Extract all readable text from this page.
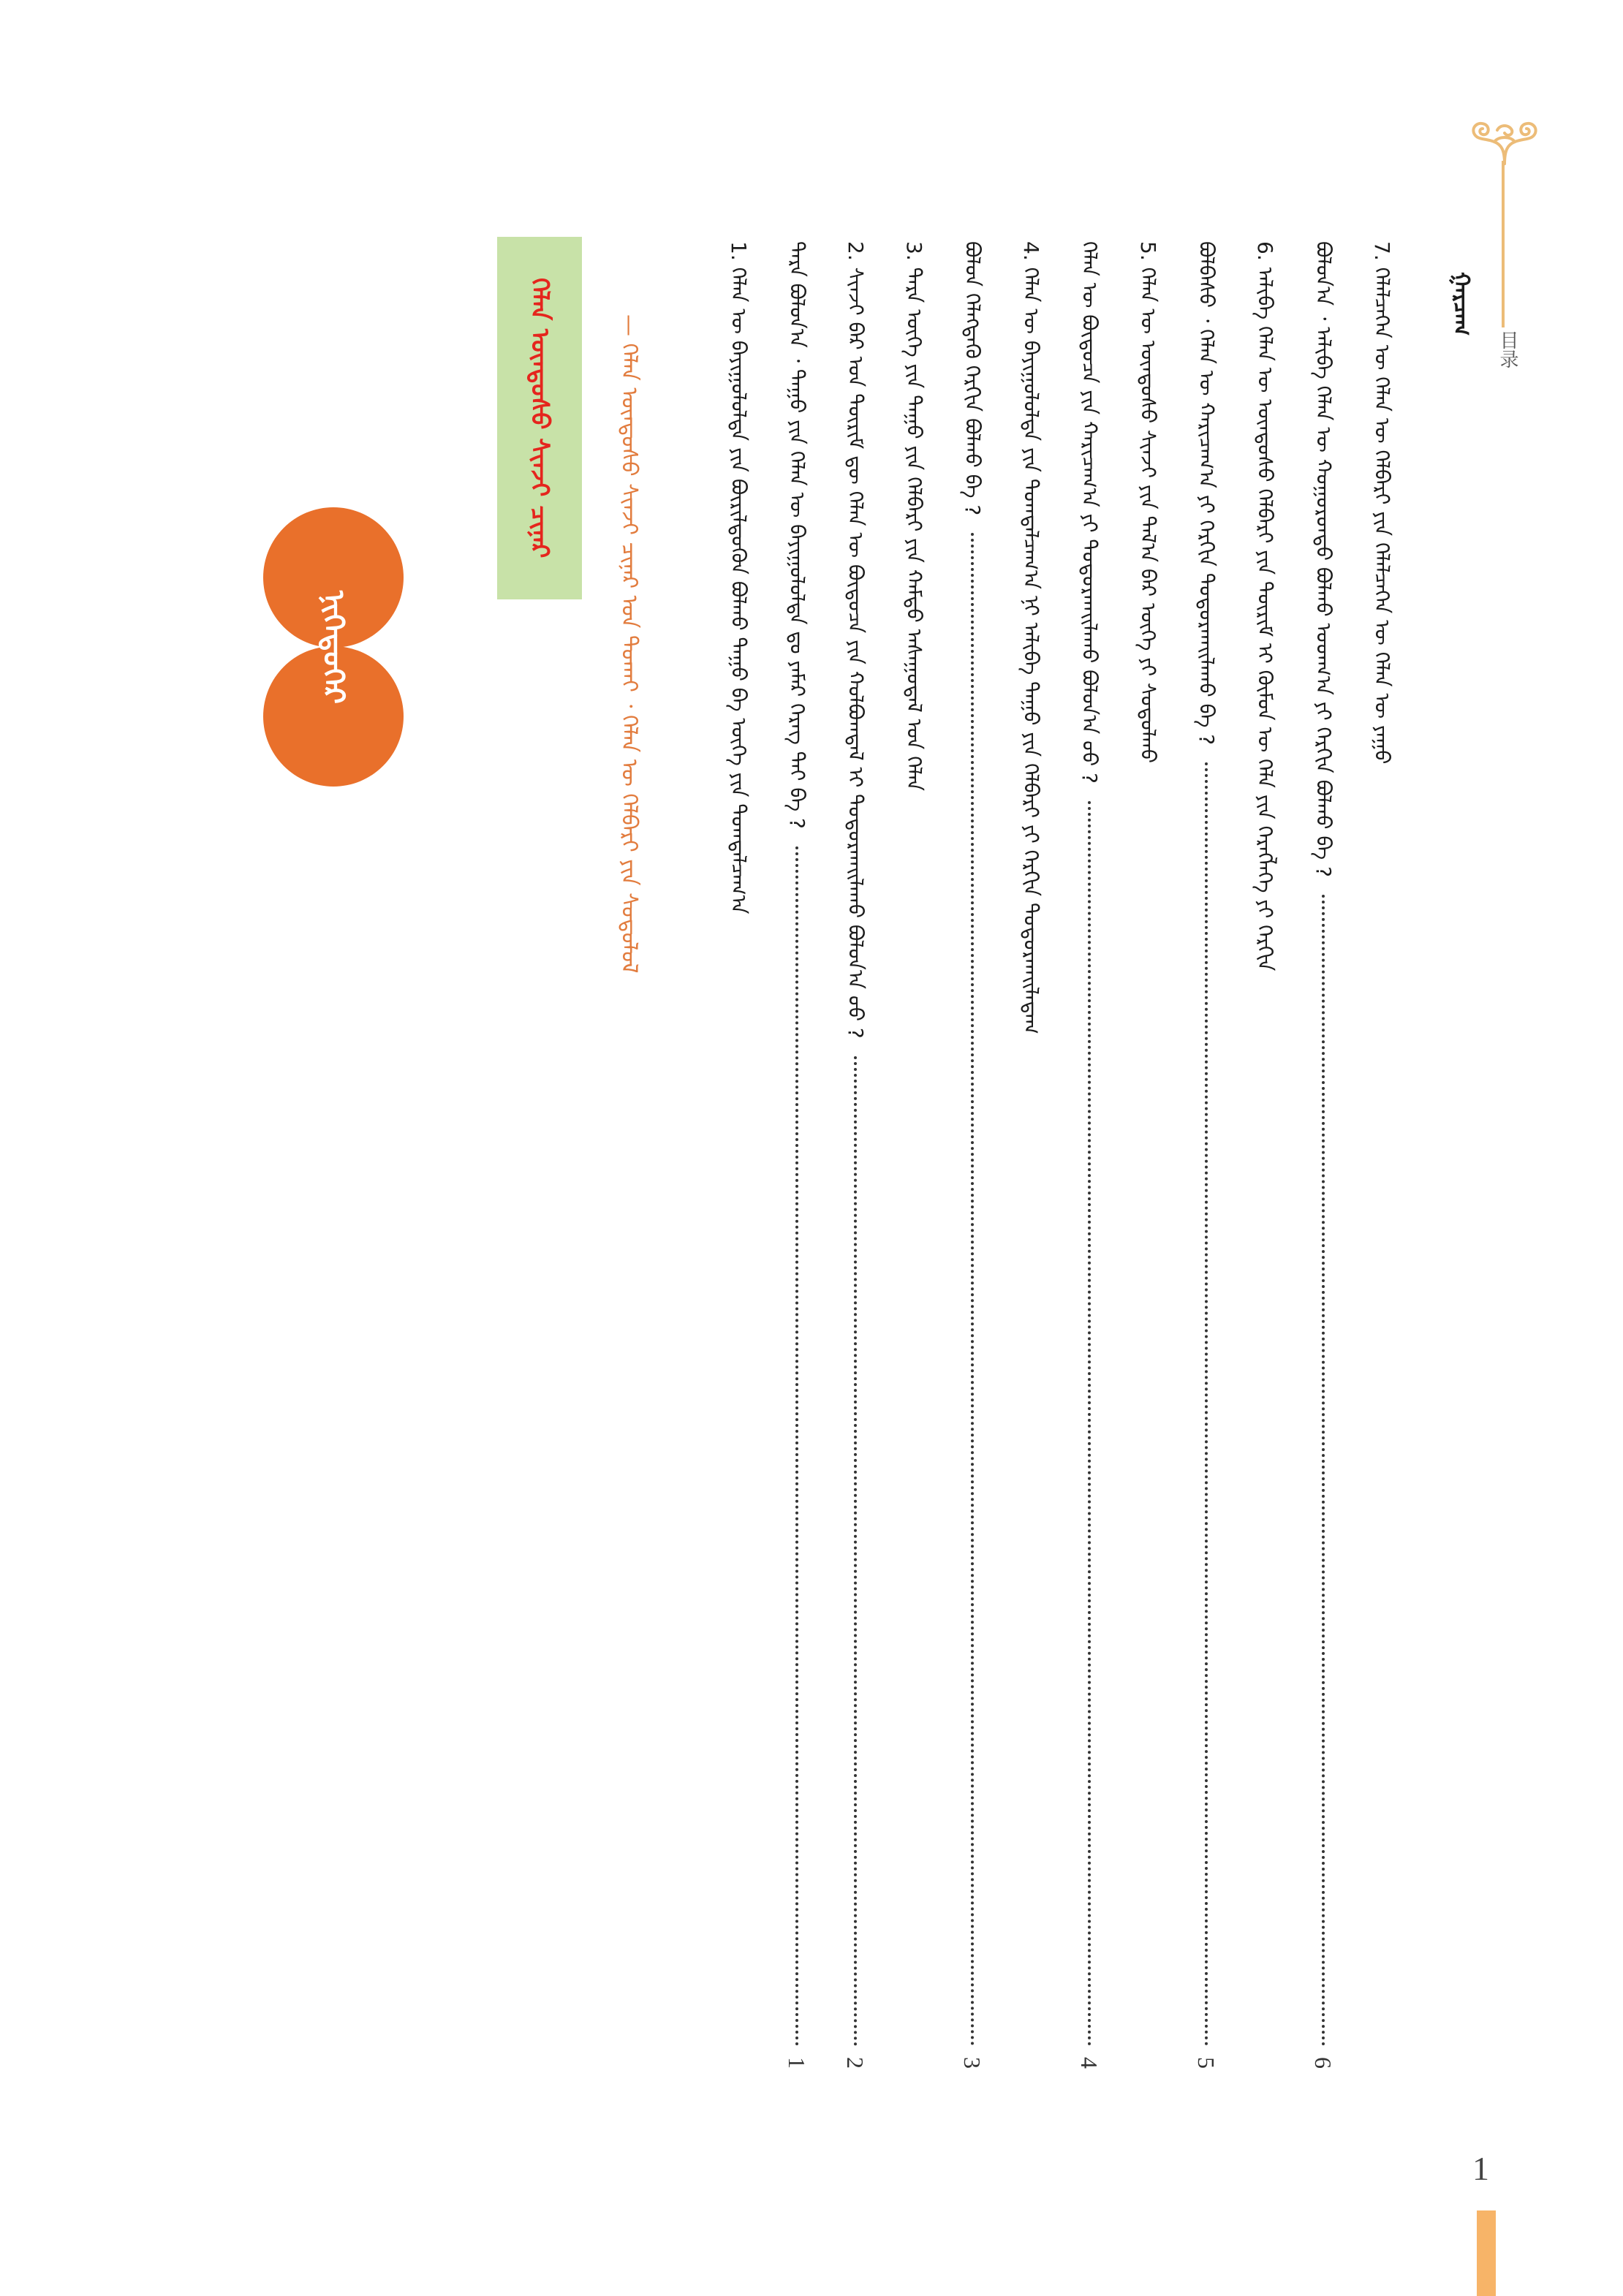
目录
ᠭᠠᠷᠴᠠᠭ
ᠨᠢᠭᠡᠳᠦᠭᠡᠷ
ᠬᠡᠯᠡᠨ ᠦᠨᠳᠦᠰᠦ ᠰᠢᠨᠵᠢ ᠴᠢᠨᠠᠷ	— ᠬᠡᠯᠡᠨ ᠦᠨᠳᠦᠰᠦ ᠰᠢᠨᠵᠢ ᠴᠢᠨᠠᠷ ᠤᠨ ᠲᠤᠬᠠᠢ ᠂ ᠬᠡᠯᠡᠨ ᠦ ᠬᠡᠯᠪᠡᠷᠢ ᠶᠢᠨ ᠰᠤᠳᠤᠯᠤᠯ	1. ᠬᠡᠯᠡᠨ ᠦ ᠪᠠᠶᠢᠭᠤᠯᠤᠯᠳᠠ ᠶᠢᠨ ᠪᠦᠷᠢᠯᠳᠦᠬᠦᠨ ᠪᠣᠯᠬᠤ ᠳᠠᠭᠤ ᠪᠠ ᠦᠭᠡ ᠶᠢᠨ ᠲᠣᠭᠲᠠᠯᠴᠠᠭ᠎ᠠ ᠲᠡᠷᠡ ᠪᠣᠯᠤᠨ᠎ᠠ ᠂ ᠳᠠᠭᠤ ᠶᠢᠨ ᠬᠡᠯᠡᠨ ᠦ ᠪᠠᠶᠢᠭᠤᠯᠤᠯᠳᠠ ᠳᠤ ᠶᠠᠮᠠᠷ ᠬᠡᠷᠡᠭ ᠲᠡᠢ ᠪᠡ ?
1
2. ᠰᠢᠨᠵᠢ ᠪᠠᠷ ᠤᠨ ᠳᠦᠷᠢᠮ ᠳᠦ ᠬᠡᠯᠡᠨ ᠦ ᠪᠦᠲᠦᠴᠡ ᠶᠢᠨ ᠬᠣᠯᠪᠣᠭᠳᠠᠯ ᠢ ᠲᠣᠳᠤᠷᠬᠠᠢᠯᠠᠬᠤ ᠪᠣᠯᠤᠨ᠎ᠠ ᠤᠤ ?
2
3. ᠲᠡᠷᠡ ᠦᠭᠡ ᠶᠢᠨ ᠳᠠᠭᠤ ᠶᠢᠨ ᠬᠡᠯᠪᠡᠷᠢ ᠶᠢᠨ ᠬᠠᠮᠲᠤ ᠠᠰᠠᠭᠤᠳᠠᠯ ᠤᠨ ᠬᠡᠯᠡᠨ ᠪᠣᠯᠤᠨ ᠬᠡᠯᠡᠭᠳᠡᠬᠦ ᠬᠡᠷᠬᠢᠨ ᠪᠣᠯᠬᠤ ᠪᠡ ?
3
4. ᠬᠡᠯᠡᠨ ᠦ ᠪᠠᠶᠢᠭᠤᠯᠤᠯᠳᠠ ᠶᠢᠨ ᠲᠣᠭᠲᠠᠯᠴᠠᠭ᠎ᠠ ᠨᠢ ᠠᠯᠢᠪᠠ ᠳᠠᠭᠤ ᠶᠢᠨ ᠬᠡᠯᠪᠡᠷᠢ ᠶᠢ ᠬᠡᠷᠬᠢᠨ ᠲᠣᠳᠤᠷᠬᠠᠢᠯᠠᠳᠠᠭ ᠬᠡᠯᠡᠨ ᠦ ᠪᠦᠲᠦᠴᠡ ᠶᠢᠨ ᠬᠠᠷᠢᠴᠠᠭ᠎ᠠ ᠶᠢ ᠲᠣᠳᠤᠷᠬᠠᠢᠯᠠᠬᠤ ᠪᠣᠯᠤᠨ᠎ᠠ ᠤᠤ ?
4
5. ᠬᠡᠯᠡᠨ ᠦ ᠦᠨᠳᠦᠰᠦ ᠰᠢᠨᠵᠢ ᠶᠢᠨ ᠲᠠᠯ᠎ᠠ ᠪᠠᠷ ᠦᠭᠡ ᠶᠢ ᠰᠤᠳᠤᠯᠬᠤ ᠪᠣᠯᠪᠠᠰᠤ ᠂ ᠬᠡᠯᠡᠨ ᠦ ᠬᠠᠷᠢᠴᠠᠭ᠎ᠠ ᠶᠢ ᠬᠡᠷᠬᠢᠨ ᠲᠣᠳᠤᠷᠬᠠᠢᠯᠠᠬᠤ ᠪᠡ ?
5
6. ᠠᠯᠢᠪᠠ ᠬᠡᠯᠡᠨ ᠦ ᠦᠨᠳᠦᠰᠦ ᠬᠡᠯᠪᠡᠷᠢ ᠶᠢᠨ ᠳᠦᠷᠢᠮ ᠢ ᠬᠦᠮᠦᠨ ᠦ ᠬᠡᠯᠡ ᠶᠢᠨ ᠬᠡᠷᠡᠭᠯᠡᠭᠡ ᠶᠢ ᠬᠡᠷᠬᠢᠨ ᠪᠣᠯᠤᠨ᠎ᠠ ᠂ ᠠᠯᠢᠪᠠ ᠬᠡᠯᠡᠨ ᠦ ᠬᠣᠭᠣᠷᠣᠨᠳᠤ ᠪᠣᠯᠬᠤ ᠤᠳᠬ᠎ᠠ ᠶᠢ ᠬᠡᠷᠬᠢᠨ ᠪᠣᠯᠬᠤ ᠪᠡ ?
6
7. ᠬᠡᠯᠡᠯᠴᠡᠭᠡᠨ ᠦ ᠬᠡᠯᠡᠨ ᠦ ᠬᠡᠯᠪᠡᠷᠢ ᠶᠢᠨ ᠬᠡᠯᠡᠯᠴᠡᠭᠡᠨ ᠦ ᠬᠡᠯᠡᠨ ᠦ ᠶᠠᠭᠤ
1
